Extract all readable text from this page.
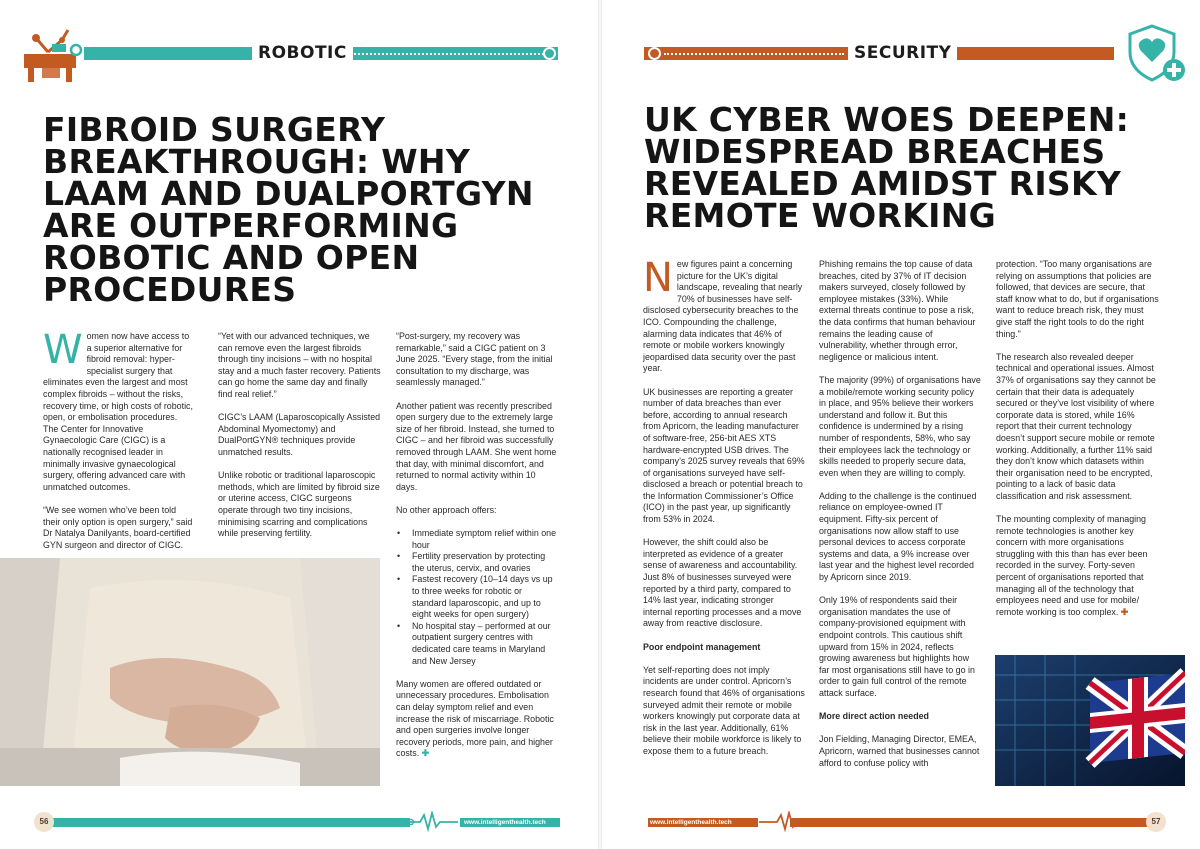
ROBOTIC
FIBROID SURGERY BREAKTHROUGH: WHY LAAM AND DUALPORTGYN ARE OUTPERFORMING ROBOTIC AND OPEN PROCEDURES

Women now have access to a superior alternative for fibroid removal: hyper-specialist surgery that eliminates even the largest and most complex fibroids – without the risks, recovery time, or high costs of robotic, open, or embolisation procedures. The Center for Innovative Gynaecologic Care (CIGC) is a nationally recognised leader in minimally invasive gynaecological surgery, offering advanced care with unmatched outcomes.

“We see women who’ve been told their only option is open surgery,” said Dr Natalya Danilyants, board-certified GYN surgeon and director of CIGC.

“Yet with our advanced techniques, we can remove even the largest fibroids through tiny incisions – with no hospital stay and a much faster recovery. Patients can go home the same day and finally find real relief.”

CIGC’s LAAM (Laparoscopically Assisted Abdominal Myomectomy) and DualPortGYN® techniques provide unmatched results.

Unlike robotic or traditional laparoscopic methods, which are limited by fibroid size or uterine access, CIGC surgeons operate through two tiny incisions, minimising scarring and complications while preserving fertility.

“Post-surgery, my recovery was remarkable,” said a CIGC patient on 3 June 2025. “Every stage, from the initial consultation to my discharge, was seamlessly managed.”

Another patient was recently prescribed open surgery due to the extremely large size of her fibroid. Instead, she turned to CIGC – and her fibroid was successfully removed through LAAM. She went home that day, with minimal discomfort, and returned to normal activity within 10 days.

No other approach offers:

• Immediate symptom relief within one hour
• Fertility preservation by protecting the uterus, cervix, and ovaries
• Fastest recovery (10–14 days vs up to three weeks for robotic or standard laparoscopic, and up to eight weeks for open surgery)
• No hospital stay – performed at our outpatient surgery centres with dedicated care teams in Maryland and New Jersey

Many women are offered outdated or unnecessary procedures. Embolisation can delay symptom relief and even increase the risk of miscarriage. Robotic and open surgeries involve longer recovery periods, more pain, and higher costs. ✚

56	www.intelligenthealth.tech
SECURITY
UK CYBER WOES DEEPEN: WIDESPREAD BREACHES REVEALED AMIDST RISKY REMOTE WORKING

New figures paint a concerning picture for the UK’s digital landscape, revealing that nearly 70% of businesses have self-disclosed cybersecurity breaches to the ICO. Compounding the challenge, alarming data indicates that 46% of remote or mobile workers knowingly jeopardised data security over the past year.

UK businesses are reporting a greater number of data breaches than ever before, according to annual research from Apricorn, the leading manufacturer of software-free, 256-bit AES XTS hardware-encrypted USB drives. The company’s 2025 survey reveals that 69% of organisations surveyed have self-disclosed a breach or potential breach to the Information Commissioner’s Office (ICO) in the past year, up significantly from 53% in 2024.

However, the shift could also be interpreted as evidence of a greater sense of awareness and accountability. Just 8% of businesses surveyed were reported by a third party, compared to 14% last year, indicating stronger internal reporting processes and a move away from reactive disclosure.

Poor endpoint management

Yet self-reporting does not imply incidents are under control. Apricorn’s research found that 46% of organisations surveyed admit their remote or mobile workers knowingly put corporate data at risk in the last year. Additionally, 61% believe their mobile workforce is likely to expose them to a future breach.

Phishing remains the top cause of data breaches, cited by 37% of IT decision makers surveyed, closely followed by employee mistakes (33%). While external threats continue to pose a risk, the data confirms that human behaviour remains the leading cause of vulnerability, whether through error, negligence or malicious intent.

The majority (99%) of organisations have a mobile/remote working security policy in place, and 95% believe their workers understand and follow it. But this confidence is undermined by a rising number of respondents, 58%, who say their employees lack the technology or skills needed to properly secure data, even when they are willing to comply.

Adding to the challenge is the continued reliance on employee-owned IT equipment. Fifty-six percent of organisations now allow staff to use personal devices to access corporate systems and data, a 9% increase over last year and the highest level recorded by Apricorn since 2019.

Only 19% of respondents said their organisation mandates the use of company-provisioned equipment with endpoint controls. This cautious shift upward from 15% in 2024, reflects growing awareness but highlights how far most organisations still have to go in order to gain full control of the remote attack surface.

More direct action needed

Jon Fielding, Managing Director, EMEA, Apricorn, warned that businesses cannot afford to confuse policy with

protection. “Too many organisations are relying on assumptions that policies are followed, that devices are secure, that staff know what to do, but if organisations want to reduce breach risk, they must give staff the right tools to do the right thing.”

The research also revealed deeper technical and operational issues. Almost 37% of organisations say they cannot be certain that their data is adequately secured or they’ve lost visibility of where corporate data is stored, while 16% report that their current technology doesn’t support secure mobile or remote working. Additionally, a further 11% said they don’t know which datasets within their organisation need to be encrypted, pointing to a lack of basic data classification and risk assessment.

The mounting complexity of managing remote technologies is another key concern with more organisations struggling with this than has ever been recorded in the survey. Forty-seven percent of organisations reported that managing all of the technology that employees need and use for mobile/ remote working is too complex. ✚

www.intelligenthealth.tech	57
